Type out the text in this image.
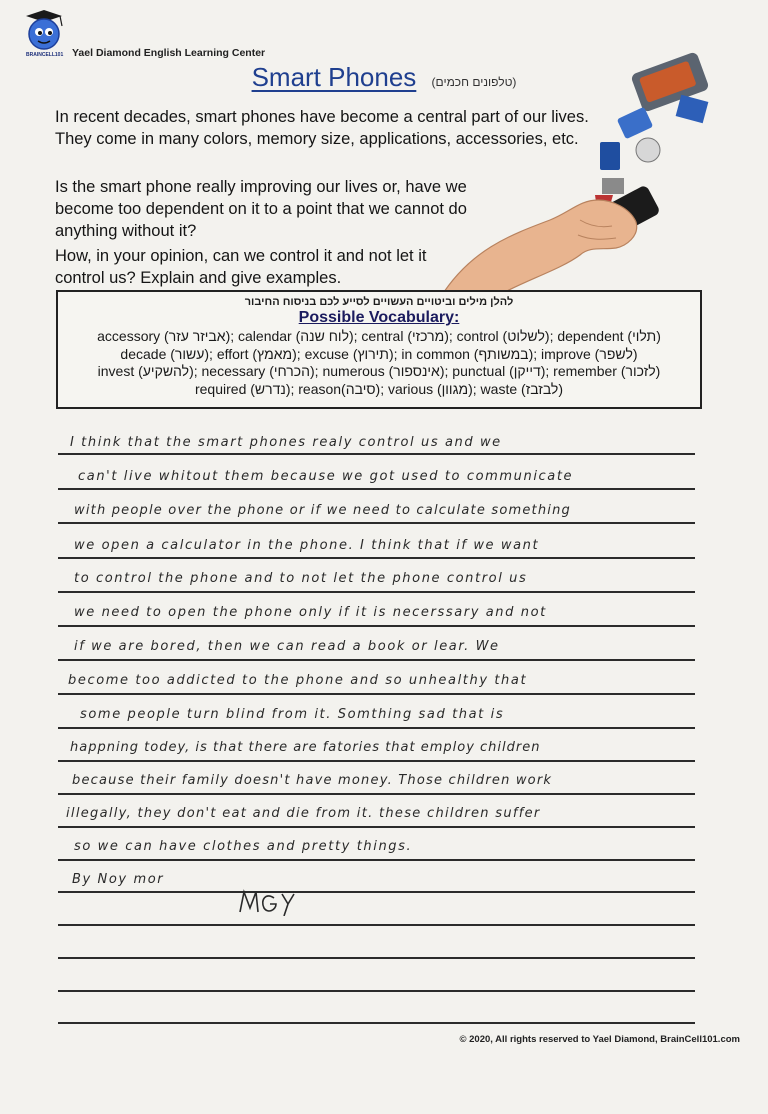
BRAINCELL101 Yael Diamond English Learning Center
Smart Phones (טלפונים חכמים)
In recent decades, smart phones have become a central part of our lives. They come in many colors, memory size, applications, accessories, etc.
Is the smart phone really improving our lives or, have we become too dependent on it to a point that we cannot do anything without it?
How, in your opinion, can we control it and not let it control us? Explain and give examples.
להלן מילים וביטויים העשויים לסייע לכם בניסוח החיבור
Possible Vocabulary:
accessory (אביזר עזר); calendar (לוח שנה); central (מרכזי); control (לשלוט); dependent (תלוי)
decade (עשור); effort (מאמץ); excuse (תירוץ); in common (במשותף); improve (לשפר)
invest (להשקיע); necessary (הכרחי); numerous (אינספור); punctual (דייקן); remember (לזכור)
required (נדרש); reason(סיבה); various (מגוון); waste (לבזבז)
I think that the smart phones realy control us and we
can't live whitout them because we got used to communicate
with people over the phone or if we need to calculate something
we open a calculator in the phone. I think that if we want
to control the phone and to not let the phone control us
we need to open the phone only if it is necerssary and not
if we are bored, then we can read a book or lear. We
become too addicted to the phone and so unhealthy that
some people turn blind from it. Somthing sad that is
happning todey, is that there are fatories that employ children
because their family doesn't have money. Those children work
illegally, they don't eat and die from it. these children suffer
so we can have clothes and pretty things.
By Noy mor
© 2020, All rights reserved to Yael Diamond, BrainCell101.com
